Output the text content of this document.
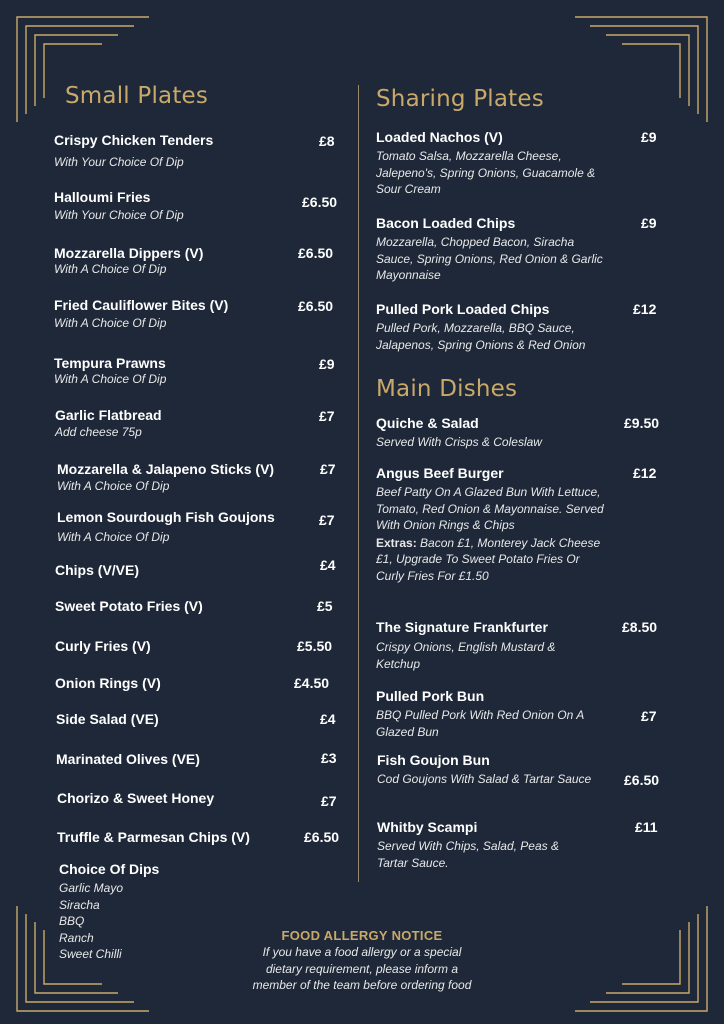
Small Plates
Crispy Chicken Tenders
With Your Choice Of Dip
£8
Halloumi Fries
With Your Choice Of Dip
£6.50
Mozzarella Dippers (V)
With A Choice Of Dip
£6.50
Fried Cauliflower Bites (V)
With A Choice Of Dip
£6.50
Tempura Prawns
With A Choice Of Dip
£9
Garlic Flatbread
Add cheese 75p
£7
Mozzarella & Jalapeno Sticks (V)
With A Choice Of Dip
£7
Lemon Sourdough Fish Goujons
With A Choice Of Dip
£7
Chips (V/VE)	£4
Sweet Potato Fries (V)	£5
Curly Fries (V)	£5.50
Onion Rings (V)	£4.50
Side Salad (VE)	£4
Marinated Olives (VE)	£3
Chorizo & Sweet Honey	£7
Truffle & Parmesan Chips (V)	£6.50
Choice Of Dips
Garlic Mayo
Siracha
BBQ
Ranch
Sweet Chilli
Sharing Plates
Loaded Nachos (V)
Tomato Salsa, Mozzarella Cheese, Jalepeno's, Spring Onions, Guacamole & Sour Cream
£9
Bacon Loaded Chips
Mozzarella, Chopped Bacon, Siracha Sauce, Spring Onions, Red Onion & Garlic Mayonnaise
£9
Pulled Pork Loaded Chips
Pulled Pork, Mozzarella, BBQ Sauce, Jalapenos, Spring Onions & Red Onion
£12
Main Dishes
Quiche & Salad
Served With Crisps & Coleslaw
£9.50
Angus Beef Burger
Beef Patty On A Glazed Bun With Lettuce, Tomato, Red Onion & Mayonnaise. Served With Onion Rings & Chips
Extras: Bacon £1, Monterey Jack Cheese £1, Upgrade To Sweet Potato Fries Or Curly Fries For £1.50
£12
The Signature Frankfurter
Crispy Onions, English Mustard & Ketchup
£8.50
Pulled Pork Bun
BBQ Pulled Pork With Red Onion On A Glazed Bun
£7
Fish Goujon Bun
Cod Goujons With Salad & Tartar Sauce £6.50
Whitby Scampi
Served With Chips, Salad, Peas & Tartar Sauce.
£11
FOOD ALLERGY NOTICE
If you have a food allergy or a special dietary requirement, please inform a member of the team before ordering food
